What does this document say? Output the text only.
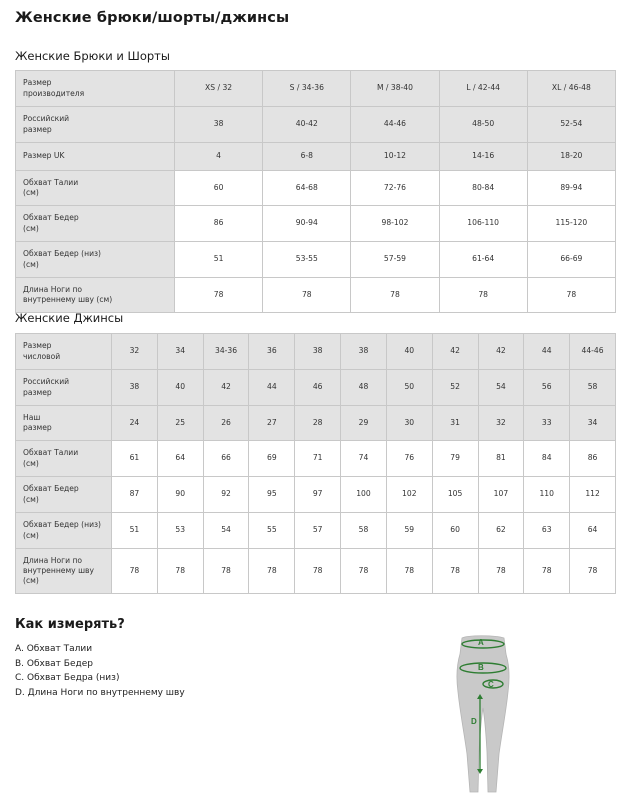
Женские брюки/шорты/джинсы
Женские Брюки и Шорты
Размер
производителя	XS / 32	S / 34-36	M / 38-40	L / 42-44	XL / 46-48

Российский
размер	38	40-42	44-46	48-50	52-54

Размер UK	4	6-8	10-12	14-16	18-20

Обхват Талии
(см)	60	64-68	72-76	80-84	89-94

Обхват Бедер
(см)	86	90-94	98-102	106-110	115-120

Обхват Бедер (низ)
(см)	51	53-55	57-59	61-64	66-69

Длина Ноги по
внутреннему шву (см)	78	78	78	78	78
Женские Джинсы
Размер
числовой	32	34	34-36	36	38	38	40	42	42	44	44-46

Российский
размер	38	40	42	44	46	48	50	52	54	56	58

Наш
размер	24	25	26	27	28	29	30	31	32	33	34

Обхват Талии
(см)	61	64	66	69	71	74	76	79	81	84	86

Обхват Бедер
(см)	87	90	92	95	97	100	102	105	107	110	112

Обхват Бедер (низ)
(см)	51	53	54	55	57	58	59	60	62	63	64

Длина Ноги по
внутреннему шву
(см)	78	78	78	78	78	78	78	78	78	78	78
Как измерять?
A. Обхват Талии
B. Обхват Бедер
C. Обхват Бедра (низ)
D. Длина Ноги по внутреннему шву
A
B
C
D
